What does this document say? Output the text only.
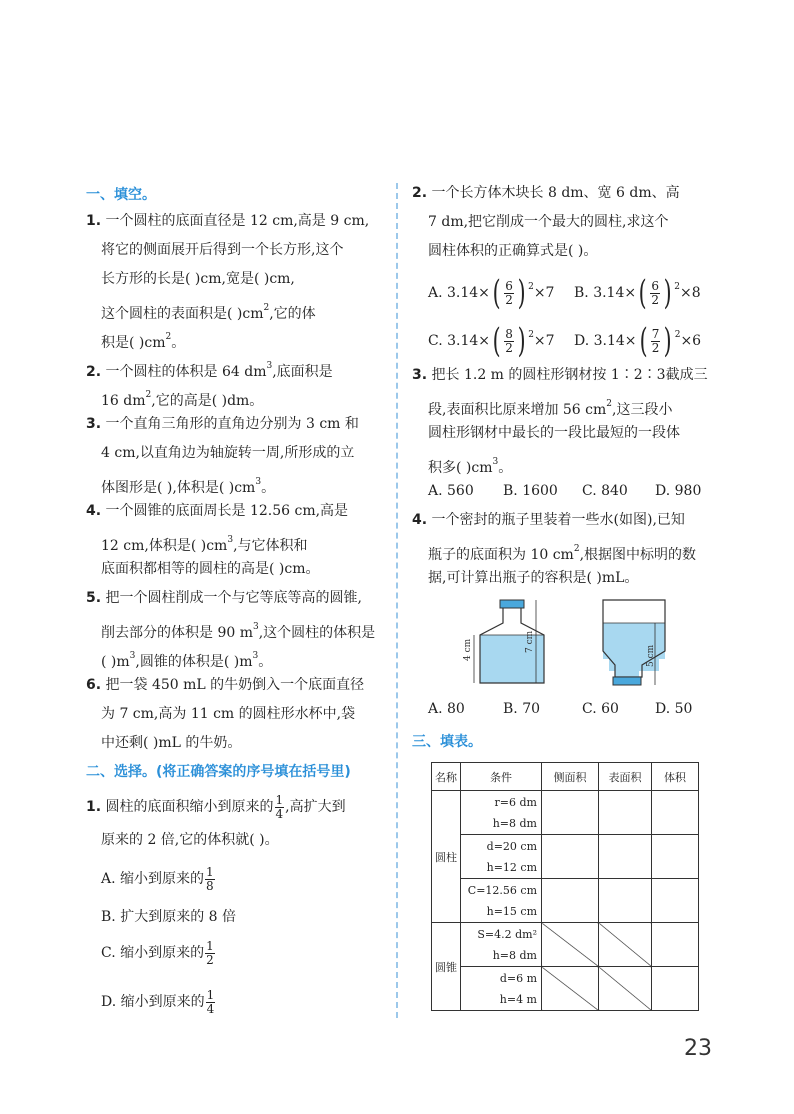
一、填空。
1. 一个圆柱的底面直径是 12 cm,高是 9 cm,
将它的侧面展开后得到一个长方形,这个
长方形的长是( )cm,宽是( )cm,
这个圆柱的表面积是( )$cm^2$,它的体
积是( )$cm^2$。
2. 一个圆柱的体积是 64 $dm^3$,底面积是
16 $dm^2$,它的高是( )dm。
3. 一个直角三角形的直角边分别为 3 cm 和
4 cm,以直角边为轴旋转一周,所形成的立
体图形是( ),体积是( )$cm^3$。
4. 一个圆锥的底面周长是 12.56 cm,高是
12 cm,体积是( )$cm^3$,与它体积和
底面积都相等的圆柱的高是( )cm。
5. 把一个圆柱削成一个与它等底等高的圆锥,
削去部分的体积是 90 $m^3$,这个圆柱的体积是
( )$m^3$,圆锥的体积是( )$m^3$。
6. 把一袋 450 mL 的牛奶倒入一个底面直径
为 7 cm,高为 11 cm 的圆柱形水杯中,袋
中还剩( )mL 的牛奶。
二、选择。(将正确答案的序号填在括号里)
1. 圆柱的底面积缩小到原来的 $\frac{1}{4}$ ,高扩大到
原来的 2 倍,它的体积就( )。
A. 缩小到原来的 $\frac{1}{8}$
B. 扩大到原来的 8 倍
C. 缩小到原来的 $\frac{1}{2}$
D. 缩小到原来的 $\frac{1}{4}$
2. 一个长方体木块长 8 dm、宽 6 dm、高
7 dm,把它削成一个最大的圆柱,求这个
圆柱体积的正确算式是( )。
A. $3.14\times( \frac{6}{2}$ ) $^2$×7 B. $3.14\times( \frac{6}{2}$ ) $^2$×8
C. $3.14\times( \frac{8}{2}$ ) $^2$×7 D. $3.14\times( \frac{7}{2}$ ) $^2$×6
3. 把长 1.2 m 的圆柱形钢材按 1∶2∶3截成三
段,表面积比原来增加 56 $cm^2$,这三段小
圆柱形钢材中最长的一段比最短的一段体
积多( )$cm^3$。
A. 560 B. 1600 C. 840 D. 980
4. 一个密封的瓶子里装着一些水(如图),已知
瓶子的底面积为 10 $cm^2$,根据图中标明的数
据,可计算出瓶子的容积是( )mL。
4 cm	7 cm
5 cm
A. 80	B. 70	C. 60	D. 50
三、填表。
名称	条件	侧面积	表面积	体积
圆柱	r=6 dm
h=8 dm			

	d=20 cm
h=12 cm			

	C=12.56 cm
h=15 cm			

圆锥	S=4.2 dm²
h=8 dm			

	d=6 m
h=4 m			

23
